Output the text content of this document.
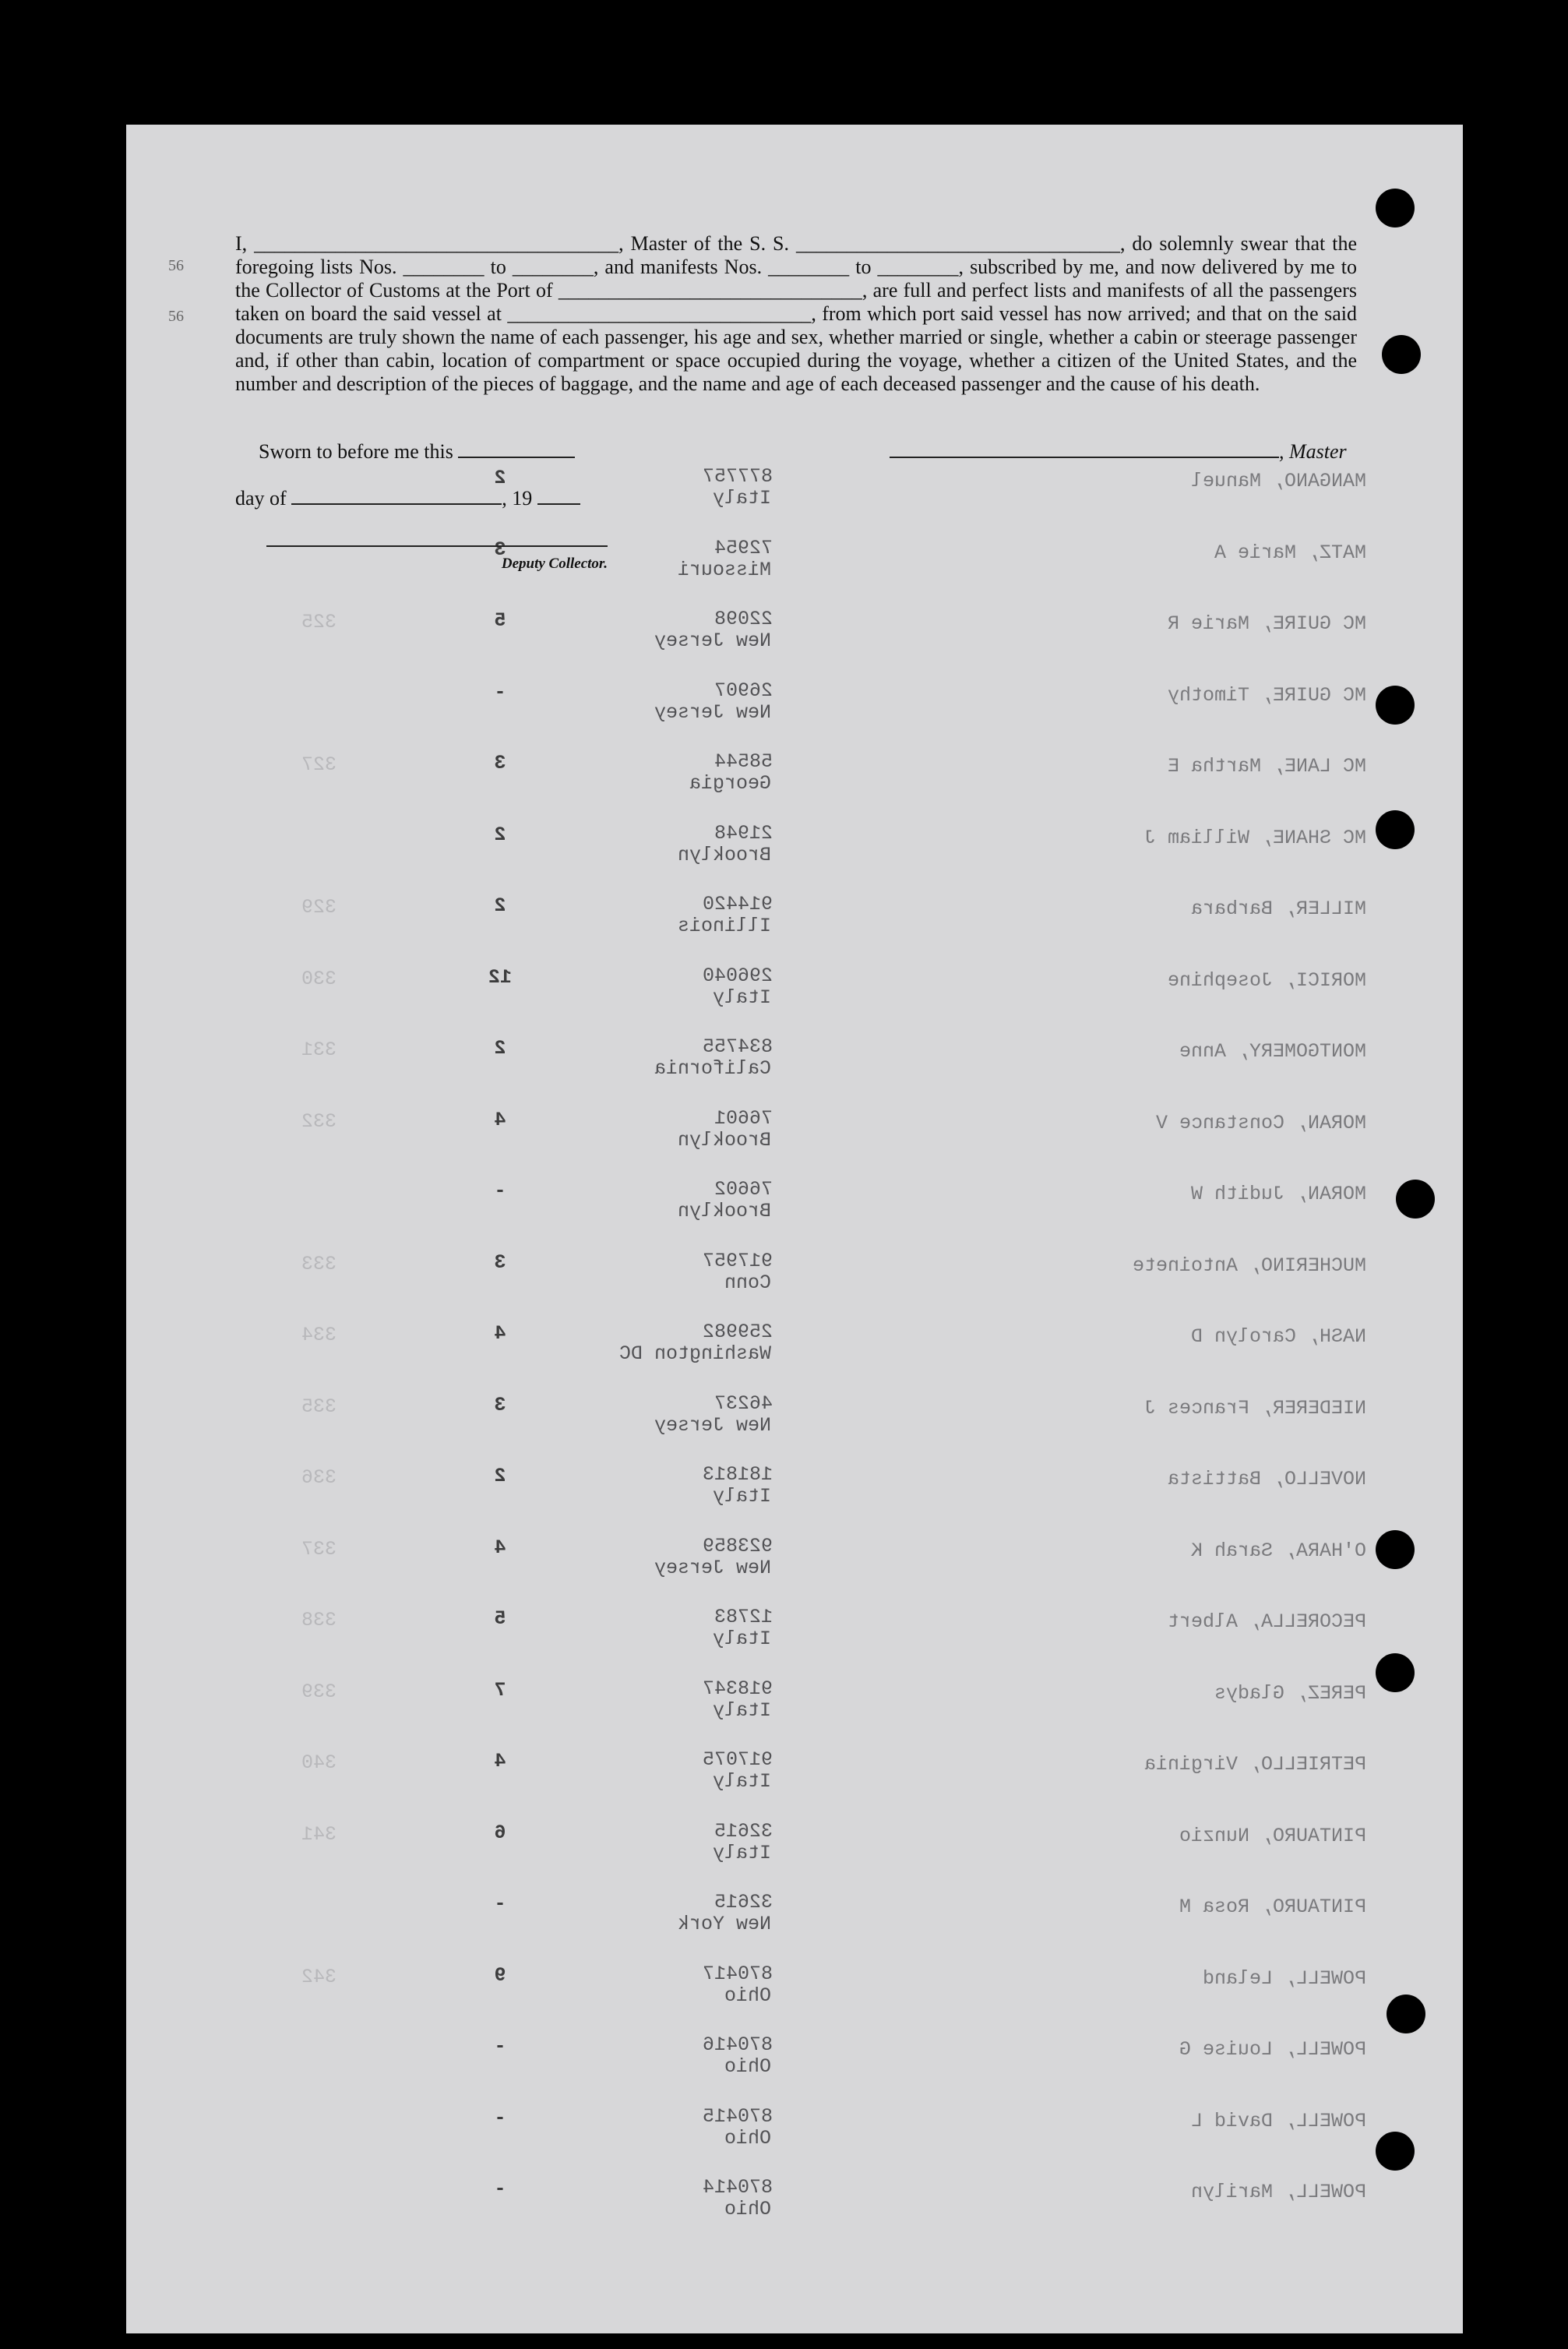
56
56

I, ____________________________________, Master of the S. S. ________________________________, do solemnly swear that the foregoing lists Nos. ________ to ________, and manifests Nos. ________ to ________, subscribed by me, and now delivered by me to the Collector of Customs at the Port of ______________________________, are full and perfect lists and manifests of all the passengers taken on board the said vessel at ______________________________, from which port said vessel has now arrived; and that on the said documents are truly shown the name of each passenger, his age and sex, whether married or single, whether a cabin or steerage passenger and, if other than cabin, location of compartment or space occupied during the voyage, whether a citizen of the United States, and the number and description of the pieces of baggage, and the name and age of each deceased passenger and the cause of his death.

Sworn to before me this
day of	, 19
Deputy Collector.
, Master
MANGANO, Manuel
877757
Italy
2
MATZ, Marie A
72954
Missouri
3
MC GUIRE, Marie R
22098
New Jersey
5
325
MC GUIRE, Timothy
26907
New Jersey
-
MC LANE, Martha E
58544
Georgia
3
327
MC SHANE, William J
21948
Brooklyn
2
MILLER, Barbara
914420
Illinois
2
329
MORICI, Josephine
296040
Italy
12
330
MONTGOMERY, Anne
834755
California
2
331
MORAN, Constance V
76601
Brooklyn
4
332
MORAN, Judith W
76602
Brooklyn
-
MUCHERINO, Antoinete
917957
Conn
3
333
NASH, Carolyn D
259982
Washington DC
4
334
NIEDERER, Frances J
46237
New Jersey
3
335
NOVELLO, Battista
181813
Italy
2
336
O'HARA, Sarah K
923859
New Jersey
4
337
PECORELLA, Albert
12783
Italy
5
338
PEREZ, Gladys
918347
Italy
7
339
PETRIELLO, Virginia
917075
Italy
4
340
PINTAURO, Nunzio
32615
Italy
6
341
PINTAURO, Rosa M
32615
New York
-
POWELL, Leland
870417
Ohio
9
342
POWELL, Louise G
870416
Ohio
-
POWELL, David L
870415
Ohio
-
POWELL, Marilyn
870414
Ohio
-
